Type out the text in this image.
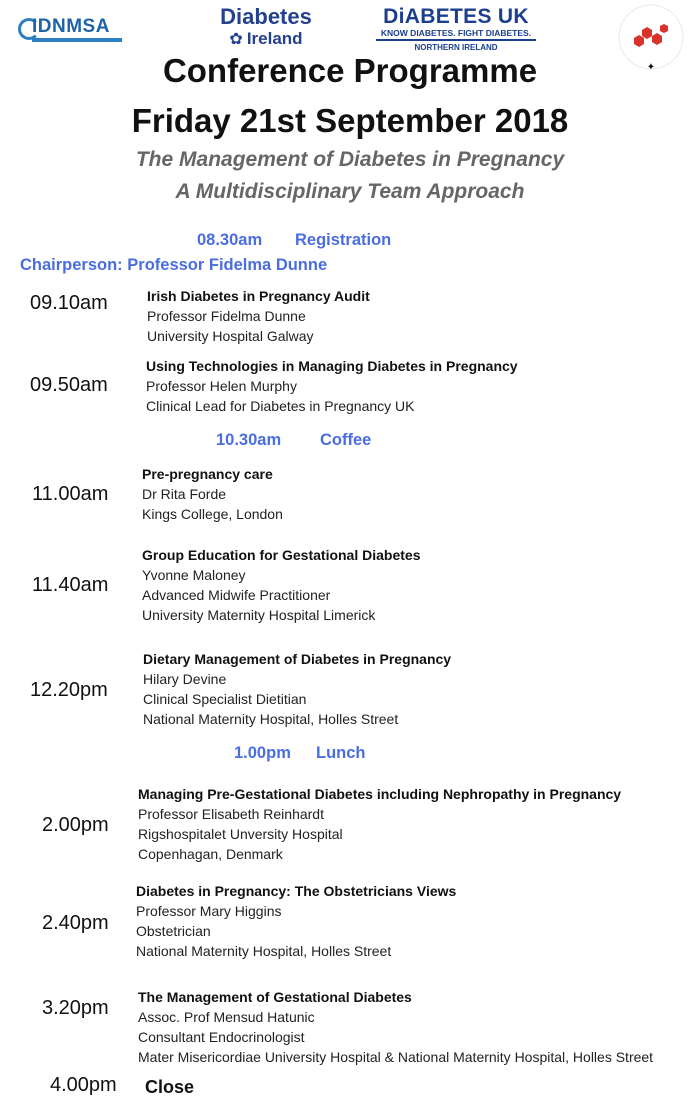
IDNMSA	Diabetes
✿ Ireland
DiABETES UK
KNOW DIABETES. FIGHT DIABETES.
NORTHERN IRELAND
✦
Conference Programme
Friday 21st September 2018
The Management of Diabetes in Pregnancy
A Multidisciplinary Team Approach
08.30am Registration
Chairperson: Professor Fidelma Dunne
09.10am	Irish Diabetes in Pregnancy Audit
Professor Fidelma Dunne
University Hospital Galway
09.50am
Using Technologies in Managing Diabetes in Pregnancy
Professor Helen Murphy
Clinical Lead for Diabetes in Pregnancy UK
10.30am Coffee
11.00am
Pre-pregnancy care
Dr Rita Forde
Kings College, London
11.40am
Group Education for Gestational Diabetes
Yvonne Maloney
Advanced Midwife Practitioner
University Maternity Hospital Limerick
12.20pm
Dietary Management of Diabetes in Pregnancy
Hilary Devine
Clinical Specialist Dietitian
National Maternity Hospital, Holles Street
1.00pm Lunch
2.00pm
Managing Pre-Gestational Diabetes including Nephropathy in Pregnancy
Professor Elisabeth Reinhardt
Rigshospitalet Unversity Hospital
Copenhagan, Denmark
2.40pm
Diabetes in Pregnancy: The Obstetricians Views
Professor Mary Higgins
Obstetrician
National Maternity Hospital, Holles Street
3.20pm The Management of Gestational Diabetes
Assoc. Prof Mensud Hatunic
Consultant Endocrinologist
Mater Misericordiae University Hospital & National Maternity Hospital, Holles Street
4.00pm Close
